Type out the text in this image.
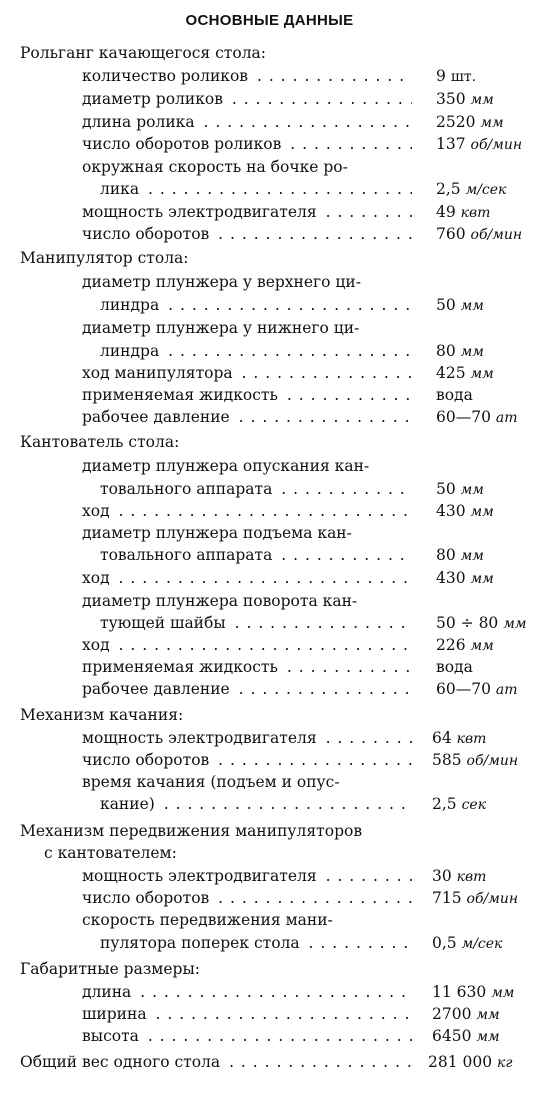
ОСНОВНЫЕ ДАННЫЕ
Рольганг качающегося стола:
количество роликов . . .	9 шт.
диаметр роликов . . .	350 мм
длина ролика . . .	2520 мм
число оборотов роликов . . .	137 об/мин
окружная скорость на бочке ро-
лика . . .	2,5 м/сек
мощность электродвигателя . . .	49 квт
число оборотов . . .	760 об/мин
Манипулятор стола:
диаметр плунжера у верхнего ци-
линдра . . .	50 мм
диаметр плунжера у нижнего ци-
линдра . . .	80 мм
ход манипулятора . . .	425 мм
применяемая жидкость . . .	вода
рабочее давление . . .	60—70 ат
Кантователь стола:
диаметр плунжера опускания кан-
товального аппарата . . .	50 мм
ход . . .	430 мм
диаметр плунжера подъема кан-
товального аппарата . . .	80 мм
ход . . .	430 мм
диаметр плунжера поворота кан-
тующей шайбы . . .	50 ÷ 80 мм
ход . . .	226 мм
применяемая жидкость . . .	вода
рабочее давление . . .	60—70 ат
Механизм качания:
мощность электродвигателя . . .	64 квт
число оборотов . . .	585 об/мин
время качания (подъем и опус-
кание) . . .	2,5 сек
Механизм передвижения манипуляторов
с кантователем:
мощность электродвигателя . . .	30 квт
число оборотов . . .	715 об/мин
скорость передвижения мани-
пулятора поперек стола . . .	0,5 м/сек
Габаритные размеры:
длина . . .	11 630 мм
ширина . . .	2700 мм
высота . . .	6450 мм
Общий вес одного стола . . .	281 000 кг
